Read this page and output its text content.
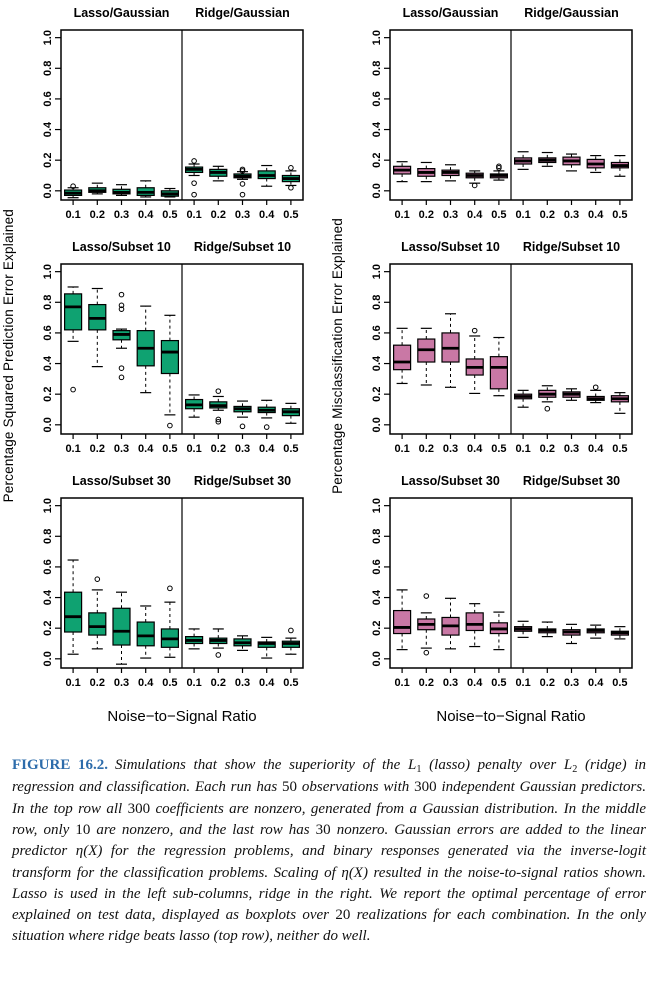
Percentage Squared Prediction Error Explained
Lasso/Gaussian	Ridge/Gaussian
0.0
0.2
0.4
0.6
0.8
1.0
0.1 0.2 0.3 0.4 0.5 0.1 0.2 0.3 0.4 0.5
Lasso/Subset 10	Ridge/Subset 10
0.0
0.2
0.4
0.6
0.8
1.0
0.1 0.2 0.3 0.4 0.5 0.1 0.2 0.3 0.4 0.5
Lasso/Subset 30	Ridge/Subset 30
0.0
0.2
0.4
0.6
0.8
1.0
0.1 0.2 0.3 0.4 0.5 0.1 0.2 0.3 0.4 0.5
Noise−to−Signal Ratio
Percentage Misclassification Error Explained
Lasso/Gaussian	Ridge/Gaussian
0.0
0.2
0.4
0.6
0.8
1.0
0.1 0.2 0.3 0.4 0.5 0.1 0.2 0.3 0.4 0.5
Lasso/Subset 10	Ridge/Subset 10
0.0
0.2
0.4
0.6
0.8
1.0
0.1 0.2 0.3 0.4 0.5 0.1 0.2 0.3 0.4 0.5
Lasso/Subset 30	Ridge/Subset 30
0.0
0.2
0.4
0.6
0.8
1.0
0.1 0.2 0.3 0.4 0.5 0.1 0.2 0.3 0.4 0.5
Noise−to−Signal Ratio
FIGURE 16.2. Simulations that show the superiority of the $L_1$ (lasso) penalty over $L_2$ (ridge) in regression and classification. Each run has 50 observations with 300 independent Gaussian predictors. In the top row all 300 coefficients are nonzero, generated from a Gaussian distribution. In the middle row, only 10 are nonzero, and the last row has 30 nonzero. Gaussian errors are added to the linear predictor η(X) for the regression problems, and binary responses generated via the inverse-logit transform for the classification problems. Scaling of η(X) resulted in the noise-to-signal ratios shown. Lasso is used in the left sub-columns, ridge in the right. We report the optimal percentage of error explained on test data, displayed as boxplots over 20 realizations for each combination. In the only situation where ridge beats lasso (top row), neither do well.
